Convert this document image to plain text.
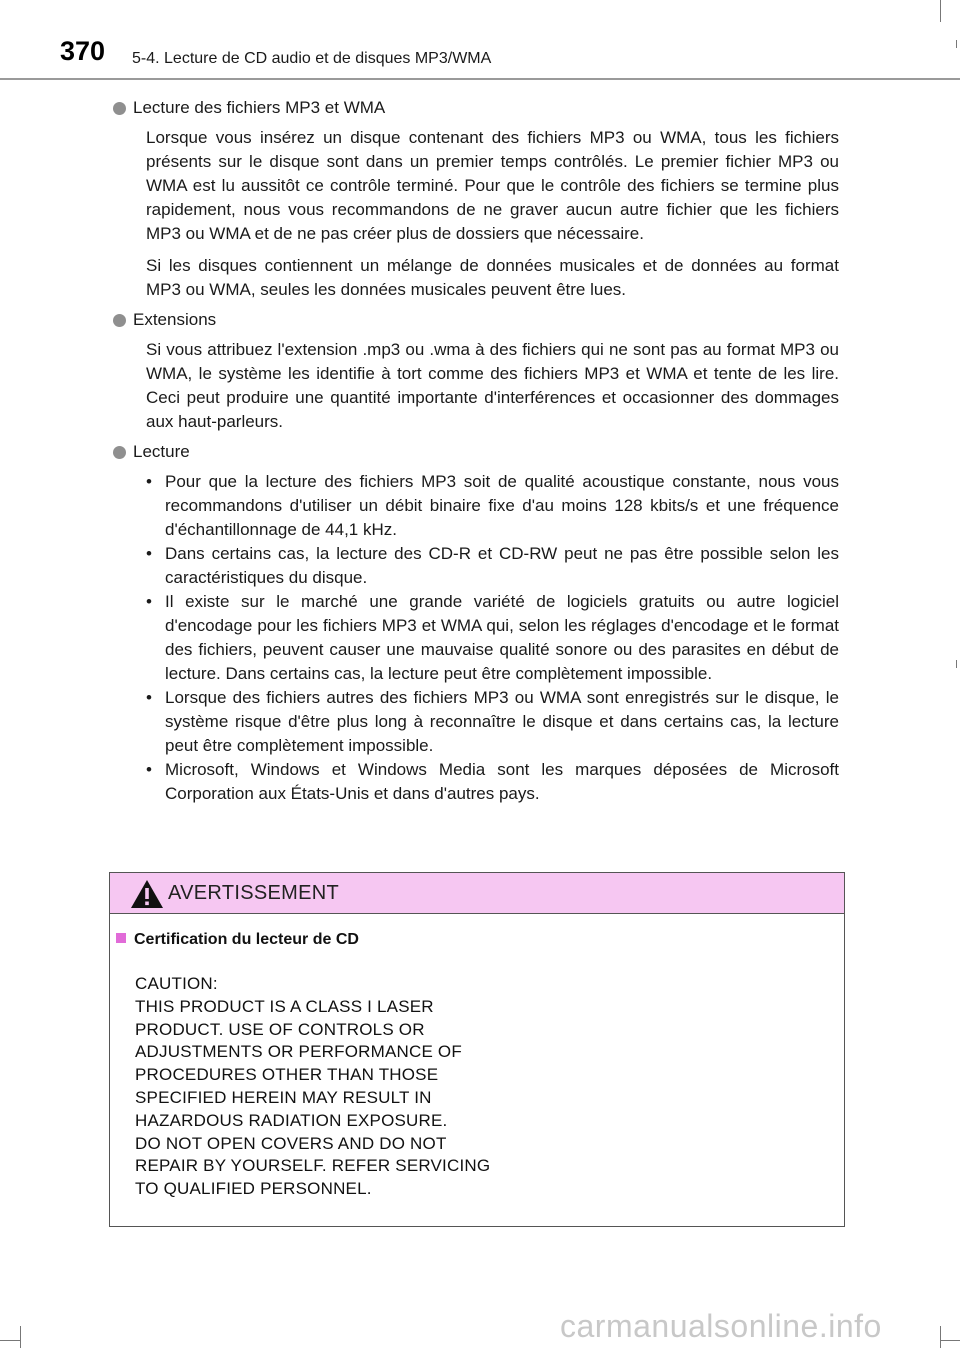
370 5-4. Lecture de CD audio et de disques MP3/WMA
Lecture des fichiers MP3 et WMA

Lorsque vous insérez un disque contenant des fichiers MP3 ou WMA, tous les fichiers présents sur le disque sont dans un premier temps contrôlés. Le premier fichier MP3 ou WMA est lu aussitôt ce contrôle terminé. Pour que le contrôle des fichiers se termine plus rapidement, nous vous recommandons de ne graver aucun autre fichier que les fichiers MP3 ou WMA et de ne pas créer plus de dossiers que nécessaire.

Si les disques contiennent un mélange de données musicales et de données au format MP3 ou WMA, seules les données musicales peuvent être lues.

Extensions

Si vous attribuez l'extension .mp3 ou .wma à des fichiers qui ne sont pas au format MP3 ou WMA, le système les identifie à tort comme des fichiers MP3 et WMA et tente de les lire. Ceci peut produire une quantité importante d'interférences et occasionner des dommages aux haut-parleurs.

Lecture
• Pour que la lecture des fichiers MP3 soit de qualité acoustique constante, nous vous recommandons d'utiliser un débit binaire fixe d'au moins 128 kbits/s et une fréquence d'échantillonnage de 44,1 kHz.
• Dans certains cas, la lecture des CD-R et CD-RW peut ne pas être possible selon les caractéristiques du disque.
• Il existe sur le marché une grande variété de logiciels gratuits ou autre logiciel d'encodage pour les fichiers MP3 et WMA qui, selon les réglages d'encodage et le format des fichiers, peuvent causer une mauvaise qualité sonore ou des parasites en début de lecture. Dans certains cas, la lecture peut être complètement impossible.
• Lorsque des fichiers autres des fichiers MP3 ou WMA sont enregistrés sur le disque, le système risque d'être plus long à reconnaître le disque et dans certains cas, la lecture peut être complètement impossible.
• Microsoft, Windows et Windows Media sont les marques déposées de Microsoft Corporation aux États-Unis et dans d'autres pays.
AVERTISSEMENT
Certification du lecteur de CD
CAUTION:
THIS PRODUCT IS A CLASS I LASER
PRODUCT. USE OF CONTROLS OR
ADJUSTMENTS OR PERFORMANCE OF
PROCEDURES OTHER THAN THOSE
SPECIFIED HEREIN MAY RESULT IN
HAZARDOUS RADIATION EXPOSURE.
DO NOT OPEN COVERS AND DO NOT
REPAIR BY YOURSELF. REFER SERVICING
TO QUALIFIED PERSONNEL.
carmanualsonline.info
